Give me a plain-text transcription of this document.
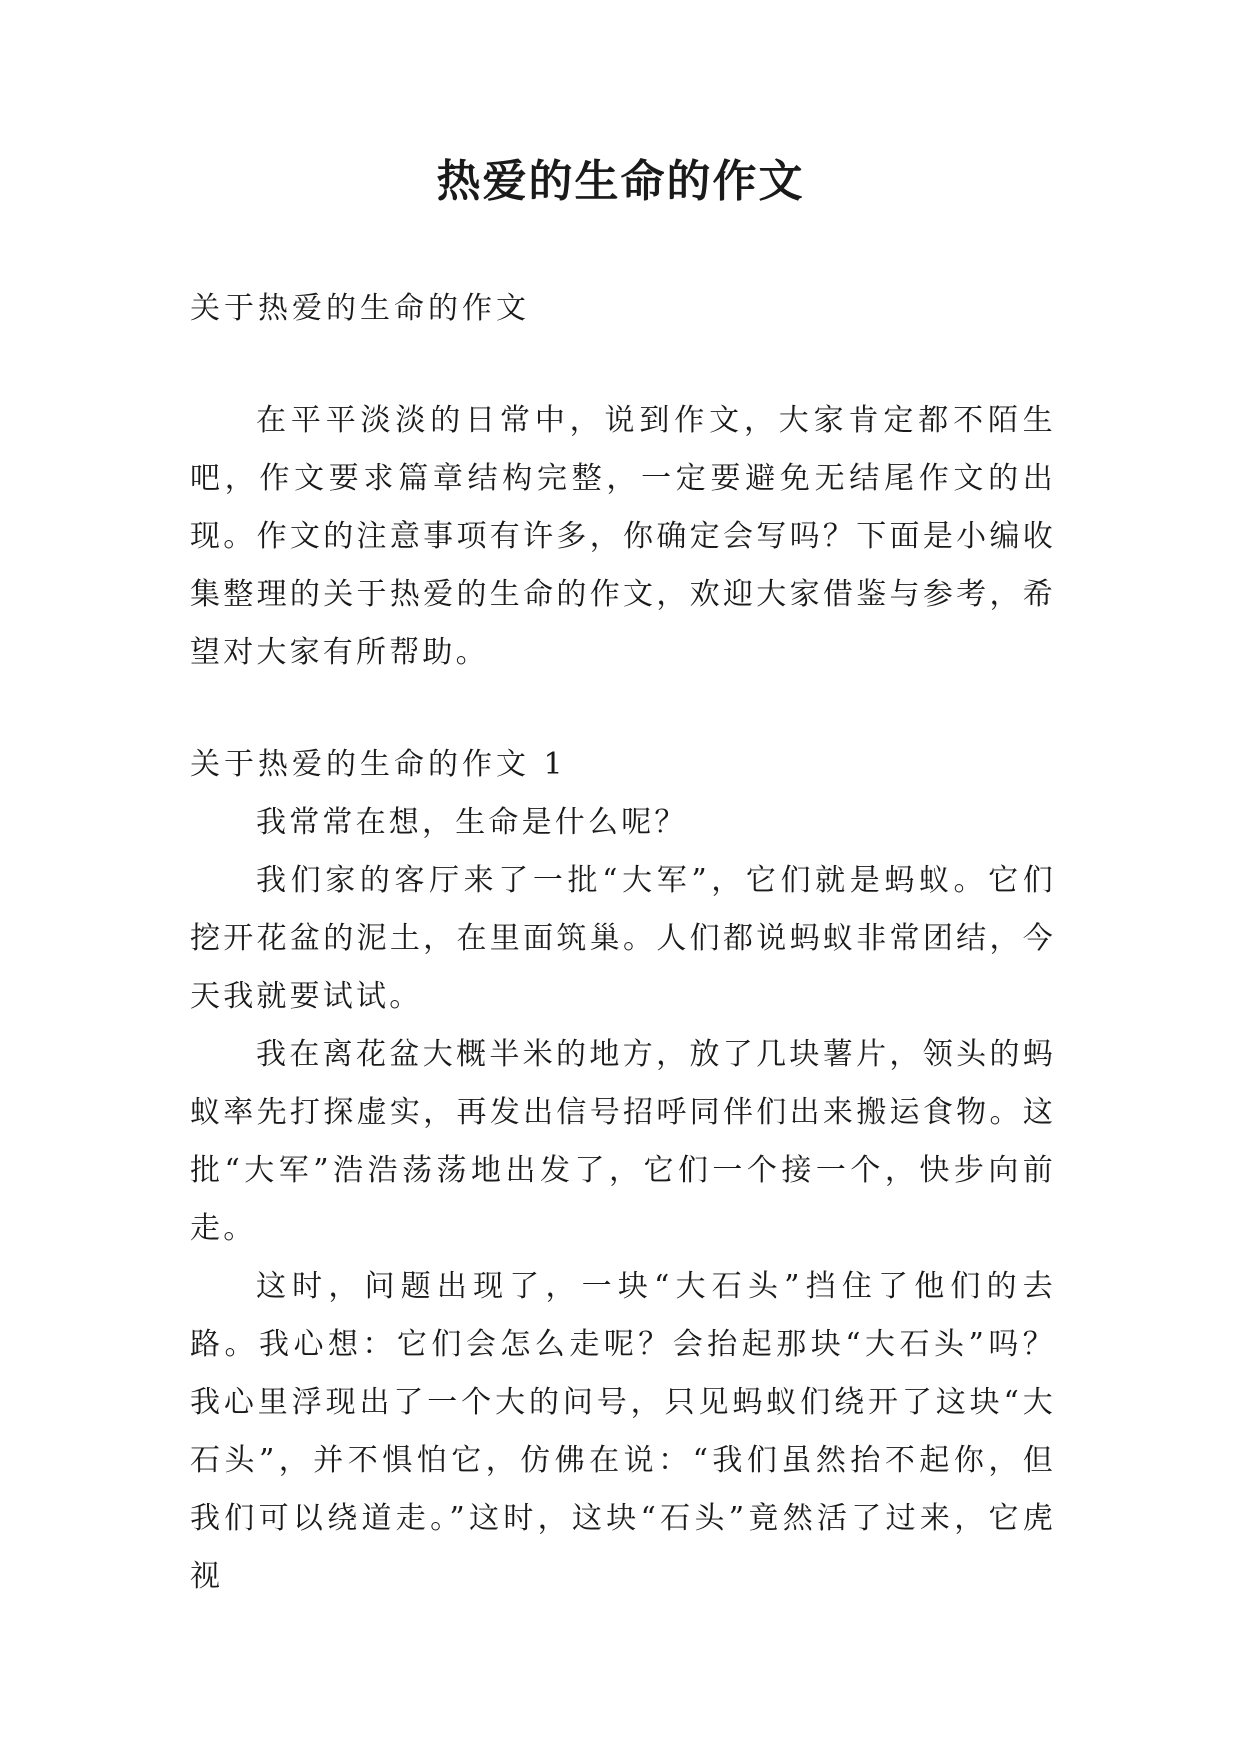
热爱的生命的作文

关于热爱的生命的作文

在平平淡淡的日常中，说到作文，大家肯定都不陌生吧，作文要求篇章结构完整，一定要避免无结尾作文的出现。作文的注意事项有许多，你确定会写吗？下面是小编收集整理的关于热爱的生命的作文，欢迎大家借鉴与参考，希望对大家有所帮助。

关于热爱的生命的作文 1

我常常在想，生命是什么呢？

我们家的客厅来了一批“大军”，它们就是蚂蚁。它们挖开花盆的泥土，在里面筑巢。人们都说蚂蚁非常团结，今天我就要试试。

我在离花盆大概半米的地方，放了几块薯片，领头的蚂蚁率先打探虚实，再发出信号招呼同伴们出来搬运食物。这批“大军”浩浩荡荡地出发了，它们一个接一个，快步向前走。

这时，问题出现了，一块“大石头”挡住了他们的去路。我心想：它们会怎么走呢？会抬起那块“大石头”吗？我心里浮现出了一个大的问号，只见蚂蚁们绕开了这块“大石头”，并不惧怕它，仿佛在说：“我们虽然抬不起你，但我们可以绕道走。”这时，这块“石头”竟然活了过来，它虎视
